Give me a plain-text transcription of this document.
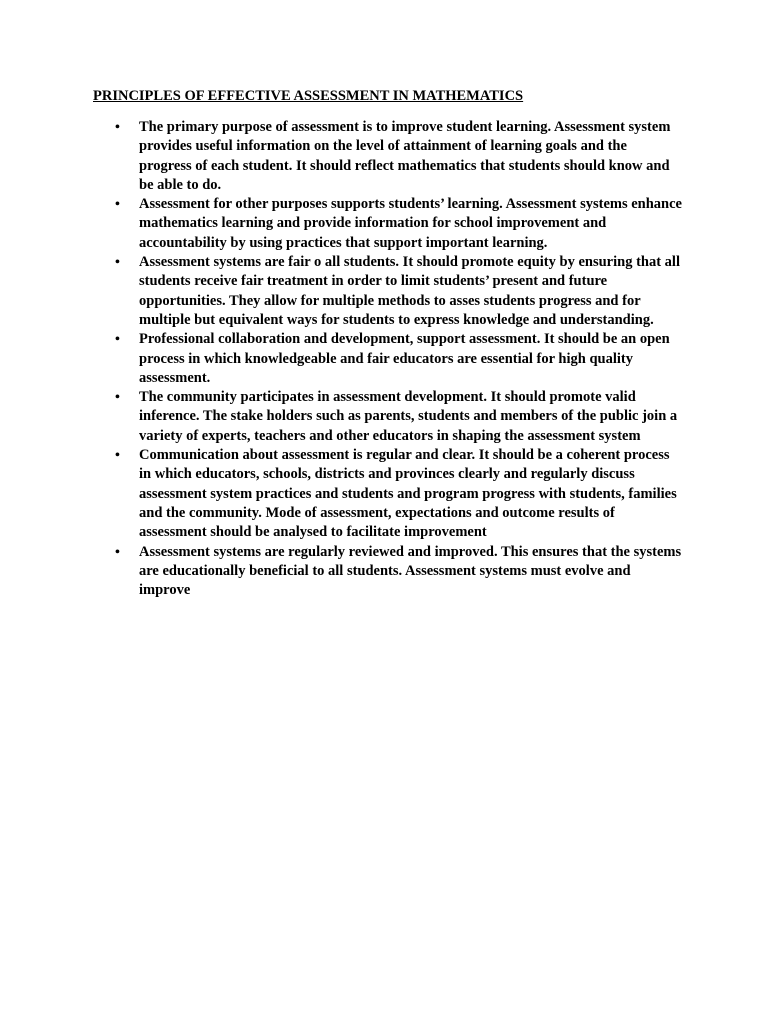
PRINCIPLES OF EFFECTIVE ASSESSMENT IN MATHEMATICS
• The primary purpose of assessment is to improve student learning. Assessment system provides useful information on the level of attainment of learning goals and the progress of each student. It should reflect mathematics that students should know and be able to do.
• Assessment for other purposes supports students’ learning. Assessment systems enhance mathematics learning and provide information for school improvement and accountability by using practices that support important learning.
• Assessment systems are fair o all students. It should promote equity by ensuring that all students receive fair treatment in order to limit students’ present and future opportunities. They allow for multiple methods to asses students progress and for multiple but equivalent ways for students to express knowledge and understanding.
• Professional collaboration and development, support assessment. It should be an open process in which knowledgeable and fair educators are essential for high quality assessment.
• The community participates in assessment development. It should promote valid inference. The stake holders such as parents, students and members of the public join a variety of experts, teachers and other educators in shaping the assessment system
• Communication about assessment is regular and clear. It should be a coherent process in which educators, schools, districts and provinces clearly and regularly discuss assessment system practices and students and program progress with students, families and the community. Mode of assessment, expectations and outcome results of assessment should be analysed to facilitate improvement
• Assessment systems are regularly reviewed and improved. This ensures that the systems are educationally beneficial to all students. Assessment systems must evolve and improve
